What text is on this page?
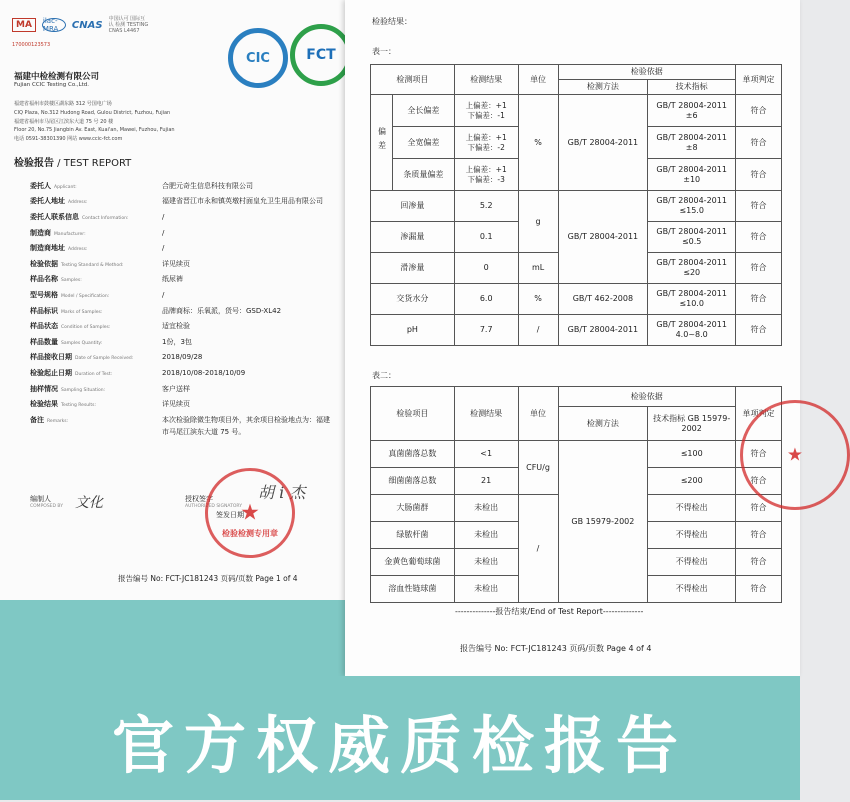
MA	ilac-MRA	CNAS
中国认可 国际互认 检测 TESTING CNAS L4467
170000123573
CIC	FCT
福建中检检测有限公司
Fujian CCIC Testing Co.,Ltd.
福建省福州市鼓楼区湖东路 312 号国电广场
CIQ Plaza, No.312 Hudong Road, Gulou District, Fuzhou, Fujian
福建省福州市马尾区江滨东大道 75 号 20 楼
Floor 20, No.75 Jiangbin Av. East, Kuai'an, Mawei, Fuzhou, Fujian
电话 0591-38301390 网站 www.ccic-fct.com
检验报告 / TEST REPORT
委托人 Applicant:	合肥元奇生信息科技有限公司
委托人地址 Address:	福建省晋江市永和镇英墩村面皇允卫生用品有限公司
委托人联系信息 Contact Information:	/
制造商 Manufacturer:	/
制造商地址 Address:	/
检验依据 Testing Standard & Method:	详见续页
样品名称 Samples:	纸尿裤
型号规格 Model / Specification:	/
样品标识 Marks of Samples:	品牌商标：乐氧派，货号：GSD-XL42
样品状态 Condition of Samples:	适宜检验
样品数量 Samples Quantity:	1份，3包
样品接收日期 Date of Sample Received:	2018/09/28
检验起止日期 Duration of Test:	2018/10/08-2018/10/09
抽样情况 Sampling Situation:	客户送样
检验结果 Testing Results:	详见续页
备注 Remarks:	本次检验除微生物项目外，其余项目检验地点为：福建
市马尾江滨东大道 75 号。
编制人
COMPOSED BY 文化	授权签字
AUTHORIZED SIGNATORY
签发日期
胡 i 杰
★
检验检测专用章
报告编号 No: FCT-JC181243 页码/页数 Page 1 of 4
检验结果：
表一：
检测项目		检测结果	单位	检验依据		单项判定
				检测方法	技术指标	
偏差	全长偏差	上偏差：+1
下偏差：-1	%	GB/T 28004-2011	GB/T 28004-2011 ±6	符合
	全宽偏差	上偏差：+1
下偏差：-2			GB/T 28004-2011 ±8	符合
	条质量偏差	上偏差：+1
下偏差：-3			GB/T 28004-2011 ±10	符合
回渗量		5.2	g	GB/T 28004-2011	GB/T 28004-2011 ≤15.0	符合
渗漏量		0.1			GB/T 28004-2011 ≤0.5	符合
滑渗量		0	mL		GB/T 28004-2011 ≤20	符合
交货水分		6.0	%	GB/T 462-2008	GB/T 28004-2011 ≤10.0	符合
pH		7.7	/	GB/T 28004-2011	GB/T 28004-2011 4.0~8.0	符合
表二：
检验项目	检测结果	单位	检验依据		单项判定
			检测方法	技术指标 GB 15979-2002	
真菌菌落总数	<1	CFU/g	GB 15979-2002	≤100	符合
细菌菌落总数	21			≤200	符合
大肠菌群	未检出	/		不得检出	符合
绿脓杆菌	未检出			不得检出	符合
金黄色葡萄球菌	未检出			不得检出	符合
溶血性链球菌	未检出			不得检出	符合
★
--------------报告结束/End of Test Report--------------
报告编号 No: FCT-JC181243 页码/页数 Page 4 of 4
官方权威质检报告
